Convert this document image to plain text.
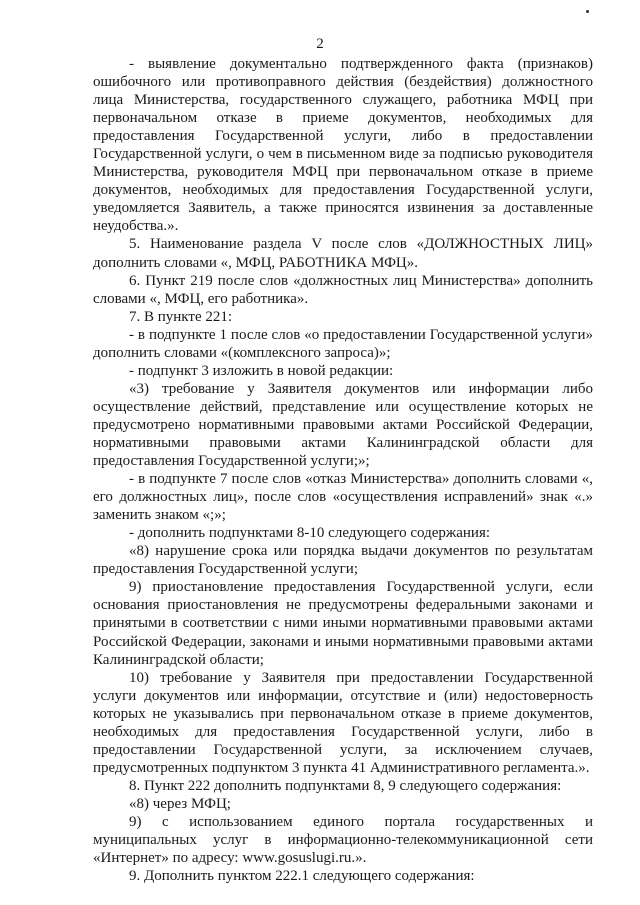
2

- выявление документально подтвержденного факта (признаков) ошибочного или противоправного действия (бездействия) должностного лица Министерства, государственного служащего, работника МФЦ при первоначальном отказе в приеме документов, необходимых для предоставления Государственной услуги, либо в предоставлении Государственной услуги, о чем в письменном виде за подписью руководителя Министерства, руководителя МФЦ при первоначальном отказе в приеме документов, необходимых для предоставления Государственной услуги, уведомляется Заявитель, а также приносятся извинения за доставленные неудобства.».

5. Наименование раздела V после слов «ДОЛЖНОСТНЫХ ЛИЦ» дополнить словами «, МФЦ, РАБОТНИКА МФЦ».

6. Пункт 219 после слов «должностных лиц Министерства» дополнить словами «, МФЦ, его работника».

7. В пункте 221:

- в подпункте 1 после слов «о предоставлении Государственной услуги» дополнить словами «(комплексного запроса)»;

- подпункт 3 изложить в новой редакции:

«3) требование у Заявителя документов или информации либо осуществление действий, представление или осуществление которых не предусмотрено нормативными правовыми актами Российской Федерации, нормативными правовыми актами Калининградской области для предоставления Государственной услуги;»;

- в подпункте 7 после слов «отказ Министерства» дополнить словами «, его должностных лиц», после слов «осуществления исправлений» знак «.» заменить знаком «;»;

- дополнить подпунктами 8-10 следующего содержания:

«8) нарушение срока или порядка выдачи документов по результатам предоставления Государственной услуги;

9) приостановление предоставления Государственной услуги, если основания приостановления не предусмотрены федеральными законами и принятыми в соответствии с ними иными нормативными правовыми актами Российской Федерации, законами и иными нормативными правовыми актами Калининградской области;

10) требование у Заявителя при предоставлении Государственной услуги документов или информации, отсутствие и (или) недостоверность которых не указывались при первоначальном отказе в приеме документов, необходимых для предоставления Государственной услуги, либо в предоставлении Государственной услуги, за исключением случаев, предусмотренных подпунктом 3 пункта 41 Административного регламента.».

8. Пункт 222 дополнить подпунктами 8, 9 следующего содержания:

«8) через МФЦ;

9) с использованием единого портала государственных и муниципальных услуг в информационно-телекоммуникационной сети «Интернет» по адресу: www.gosuslugi.ru.».

9. Дополнить пунктом 222.1 следующего содержания:
